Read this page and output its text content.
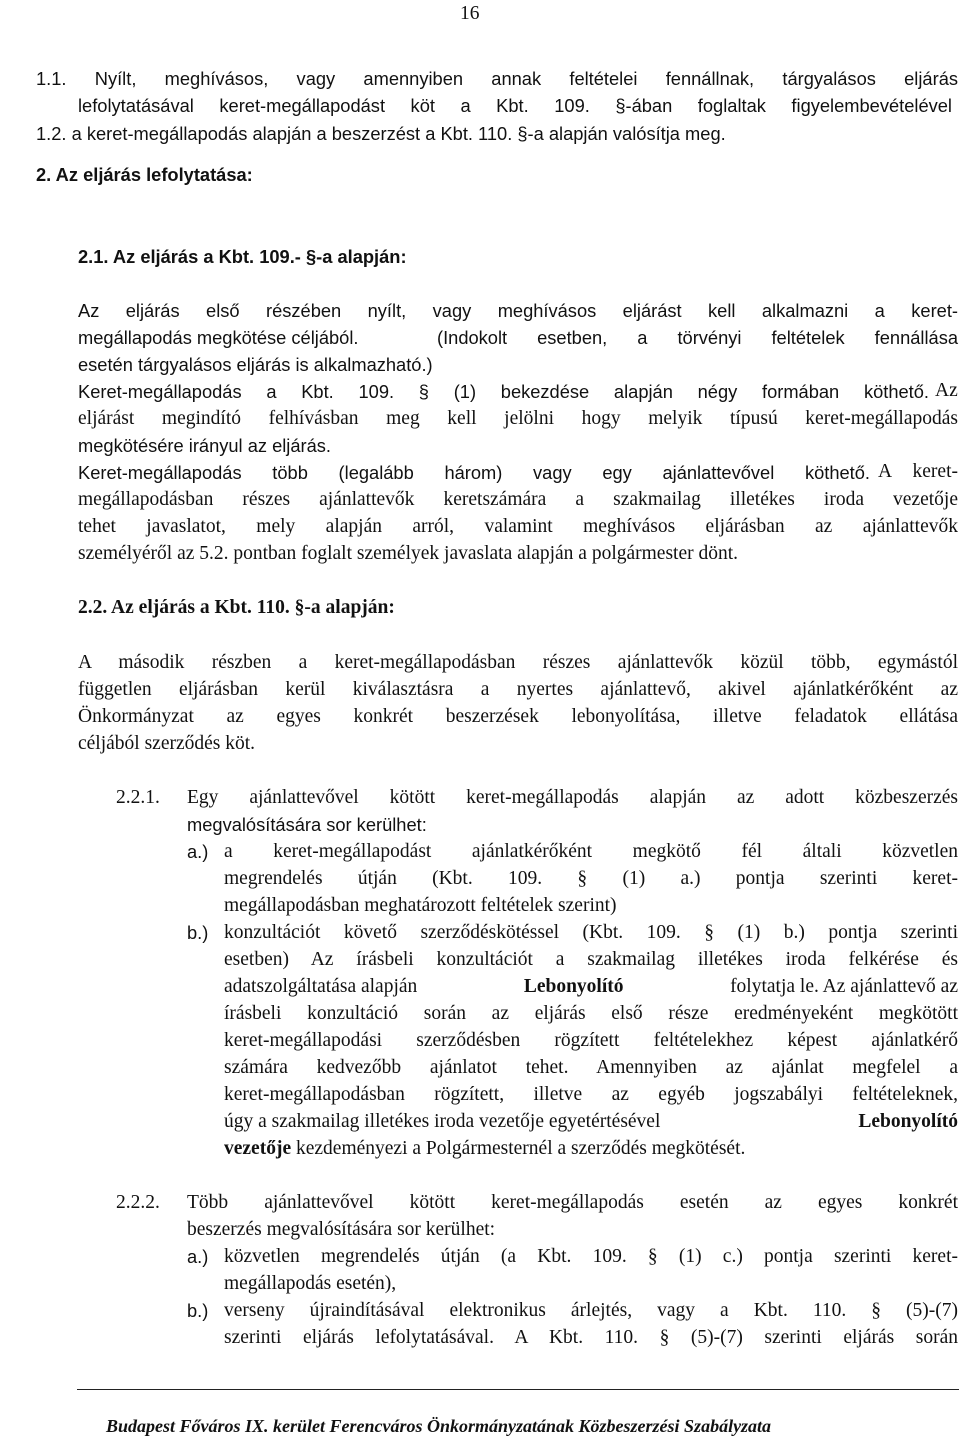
16
1.1. Nyílt, meghívásos, vagy amennyiben annak feltételei fennállnak, tárgyalásos eljárás
lefolytatásával keret-megállapodást köt a Kbt. 109. §-ában foglaltak figyelembevételével
1.2. a keret-megállapodás alapján a beszerzést a Kbt. 110. §-a alapján valósítja meg.
2. Az eljárás lefolytatása:
2.1. Az eljárás a Kbt. 109.- §-a alapján:
Az eljárás első részében nyílt, vagy meghívásos eljárást kell alkalmazni a keret-
megállapodás megkötése céljából.	(Indokolt esetben, a törvényi feltételek fennállása
esetén tárgyalásos eljárás is alkalmazható.)
Keret-megállapodás a Kbt. 109. § (1) bekezdése alapján négy formában köthető. Az
eljárást megindító felhívásban meg kell jelölni hogy melyik típusú keret-megállapodás
megkötésére irányul az eljárás.
Keret-megállapodás több (legalább három) vagy egy ajánlattevővel köthető. A keret-
megállapodásban részes ajánlattevők keretszámára a szakmailag illetékes iroda vezetője
tehet javaslatot, mely alapján arról, valamint meghívásos eljárásban az ajánlattevők
személyéről az 5.2. pontban foglalt személyek javaslata alapján a polgármester dönt.
2.2. Az eljárás a Kbt. 110. §-a alapján:
A második részben a keret-megállapodásban részes ajánlattevők közül több, egymástól
független eljárásban kerül kiválasztásra a nyertes ajánlattevő, akivel ajánlatkérőként az
Önkormányzat az egyes konkrét beszerzések lebonyolítása, illetve feladatok ellátása
céljából szerződés köt.
2.2.1. Egy ajánlattevővel kötött keret-megállapodás alapján az adott közbeszerzés
megvalósítására sor kerülhet:
a.) a keret-megállapodást ajánlatkérőként megkötő fél általi közvetlen
megrendelés útján (Kbt. 109. § (1) a.) pontja szerinti keret-
megállapodásban meghatározott feltételek szerint)
b.) konzultációt követő szerződéskötéssel (Kbt. 109. § (1) b.) pontja szerinti
esetben) Az írásbeli konzultációt a szakmailag illetékes iroda felkérése és
adatszolgáltatása alapján	Lebonyolító	folytatja le. Az ajánlattevő az
írásbeli konzultáció során az eljárás első része eredményeként megkötött
keret-megállapodási szerződésben rögzített feltételekhez képest ajánlatkérő
számára kedvezőbb ajánlatot tehet. Amennyiben az ajánlat megfelel a
keret-megállapodásban rögzített, illetve az egyéb jogszabályi feltételeknek,
úgy a szakmailag illetékes iroda vezetője egyetértésével	Lebonyolító
vezetője kezdeményezi a Polgármesternél a szerződés megkötését.
2.2.2. Több ajánlattevővel kötött keret-megállapodás esetén az egyes konkrét
beszerzés megvalósítására sor kerülhet:
a.) közvetlen megrendelés útján (a Kbt. 109. § (1) c.) pontja szerinti keret-
megállapodás esetén),
b.) verseny újraindításával elektronikus árlejtés, vagy a Kbt. 110. § (5)-(7)
szerinti eljárás lefolytatásával. A Kbt. 110. § (5)-(7) szerinti eljárás során
Budapest Főváros IX. kerület Ferencváros Önkormányzatának Közbeszerzési Szabályzata
